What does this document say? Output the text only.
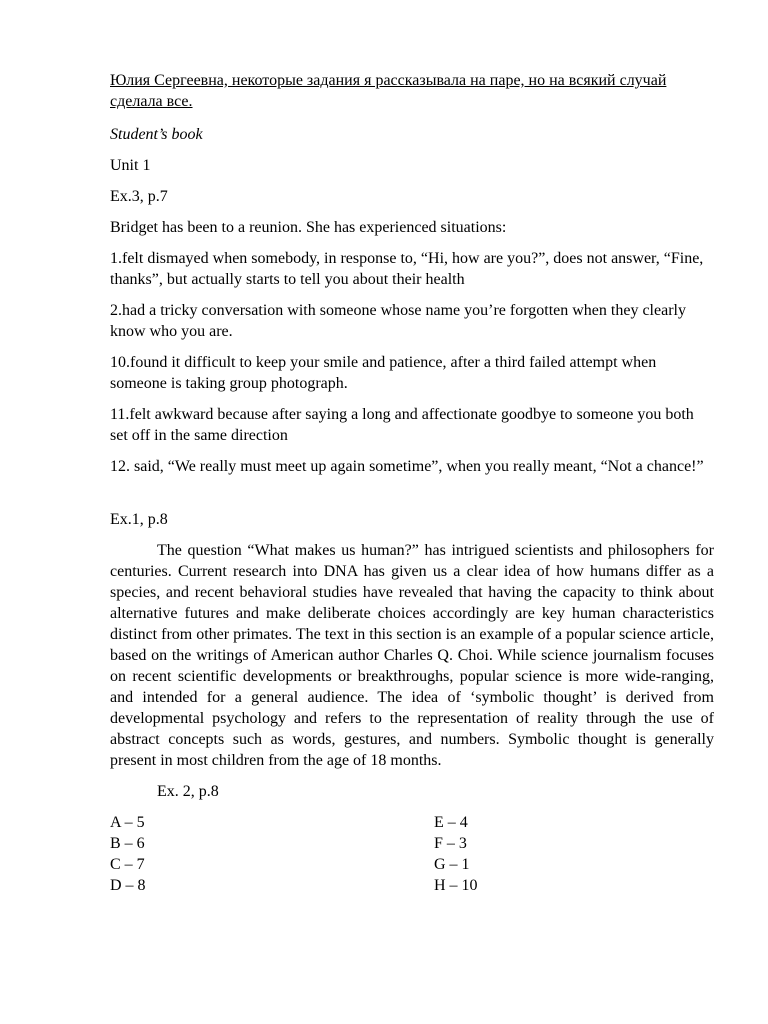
Юлия Сергеевна, некоторые задания я рассказывала на паре, но на всякий случай сделала все.

Student’s book

Unit 1

Ex.3, p.7

Bridget has been to a reunion. She has experienced situations:

1.felt dismayed when somebody, in response to, “Hi, how are you?”, does not answer, “Fine, thanks”, but actually starts to tell you about their health

2.had a tricky conversation with someone whose name you’re forgotten when they clearly know who you are.

10.found it difficult to keep your smile and patience, after a third failed attempt when someone is taking group photograph.

11.felt awkward because after saying a long and affectionate goodbye to someone you both set off in the same direction

12. said, “We really must meet up again sometime”, when you really meant, “Not a chance!”

Ex.1, p.8

The question “What makes us human?” has intrigued scientists and philosophers for centuries. Current research into DNA has given us a clear idea of how humans differ as a species, and recent behavioral studies have revealed that having the capacity to think about alternative futures and make deliberate choices accordingly are key human characteristics distinct from other primates. The text in this section is an example of a popular science article, based on the writings of American author Charles Q. Choi. While science journalism focuses on recent scientific developments or breakthroughs, popular science is more wide-ranging, and intended for a general audience. The idea of ‘symbolic thought’ is derived from developmental psychology and refers to the representation of reality through the use of abstract concepts such as words, gestures, and numbers. Symbolic thought is generally present in most children from the age of 18 months.

Ex. 2, p.8

A – 5	E – 4
B – 6	F – 3
C – 7	G – 1
D – 8	H – 10
